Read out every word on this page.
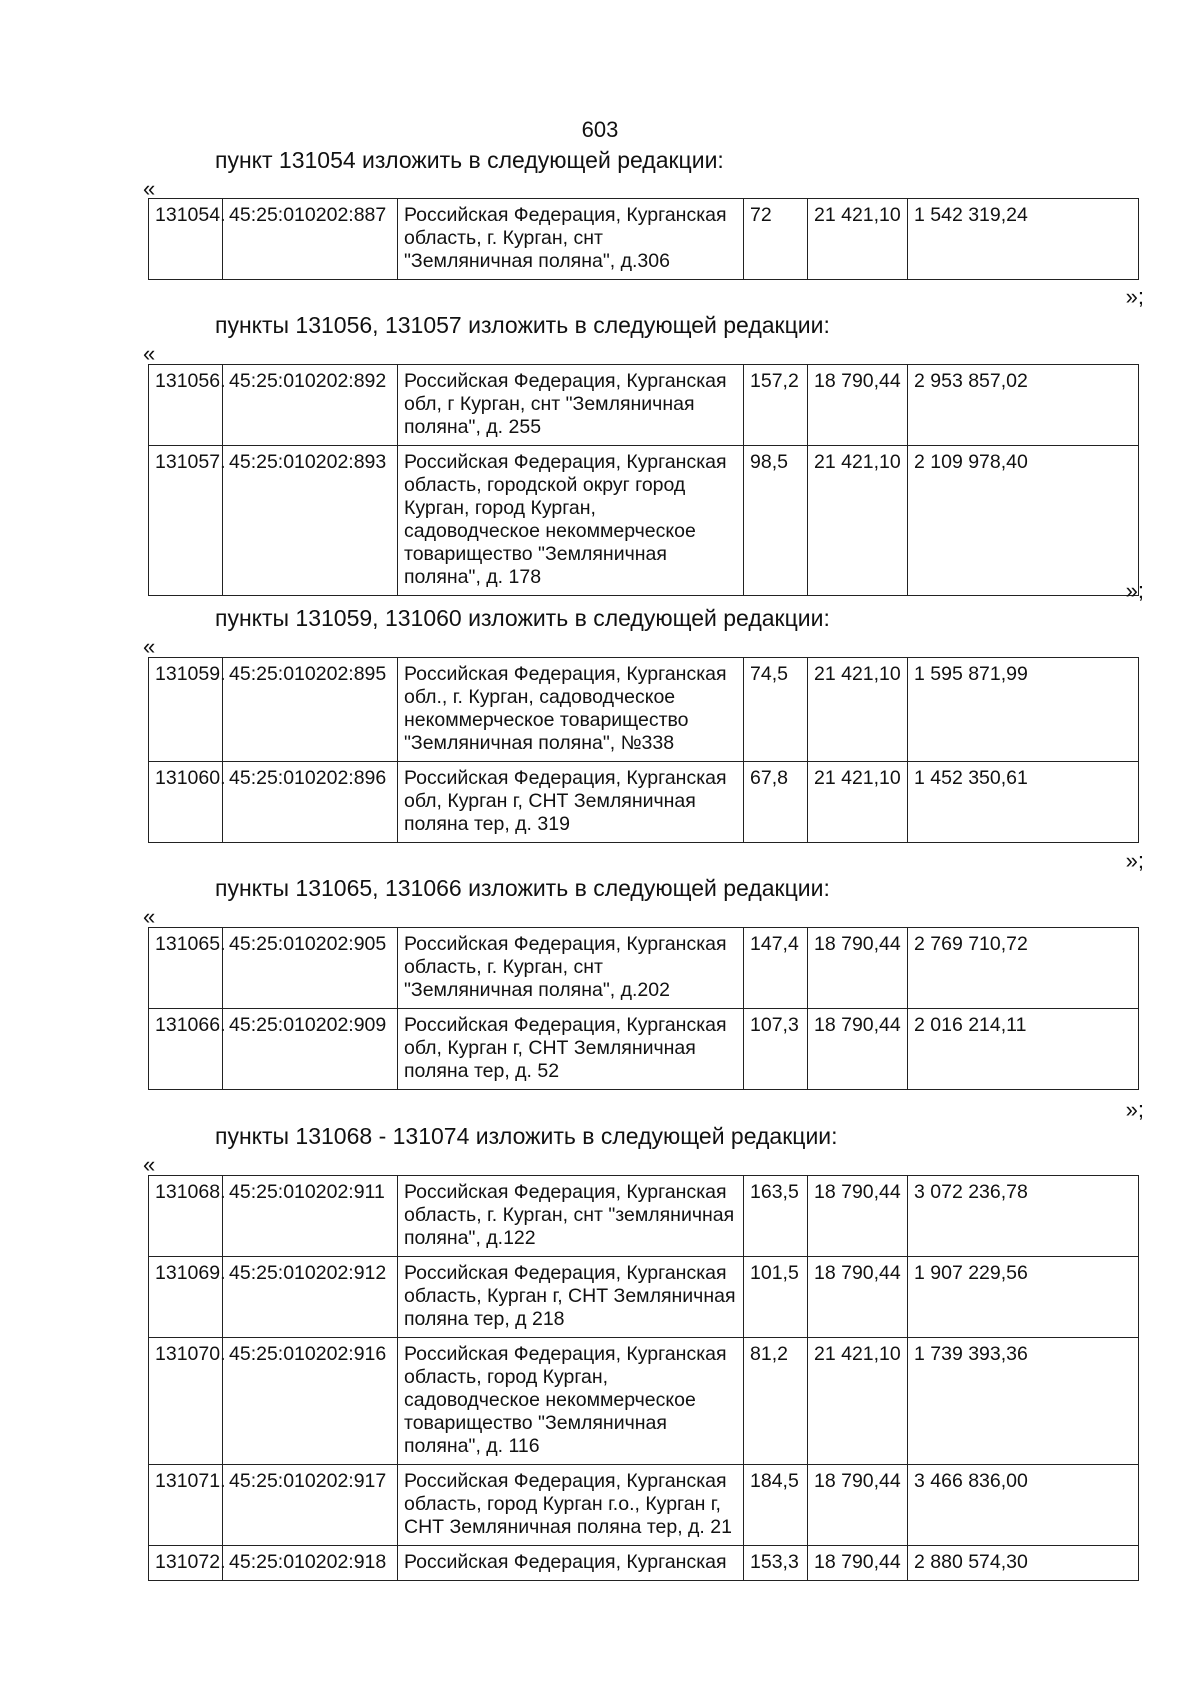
603
пункт 131054 изложить в следующей редакции:
«
131054.	45:25:010202:887	Российская Федерация, Курганская область, г. Курган, снт "Земляничная поляна", д.306	72	21 421,10	1 542 319,24
»;
пункты 131056, 131057 изложить в следующей редакции:
«
131056.	45:25:010202:892	Российская Федерация, Курганская обл, г Курган, снт "Земляничная поляна", д. 255	157,2	18 790,44	2 953 857,02
131057.	45:25:010202:893	Российская Федерация, Курганская область, городской округ город Курган, город Курган, садоводческое некоммерческое товарищество "Земляничная поляна", д. 178	98,5	21 421,10	2 109 978,40
»;
пункты 131059, 131060 изложить в следующей редакции:
«
131059.	45:25:010202:895	Российская Федерация, Курганская обл., г. Курган, садоводческое некоммерческое товарищество "Земляничная поляна", №338	74,5	21 421,10	1 595 871,99
131060.	45:25:010202:896	Российская Федерация, Курганская обл, Курган г, СНТ Земляничная поляна тер, д. 319	67,8	21 421,10	1 452 350,61
»;
пункты 131065, 131066 изложить в следующей редакции:
«
131065.	45:25:010202:905	Российская Федерация, Курганская область, г. Курган, снт "Земляничная поляна", д.202	147,4	18 790,44	2 769 710,72
131066.	45:25:010202:909	Российская Федерация, Курганская обл, Курган г, СНТ Земляничная поляна тер, д. 52	107,3	18 790,44	2 016 214,11
»;
пункты 131068 - 131074 изложить в следующей редакции:
«
131068.	45:25:010202:911	Российская Федерация, Курганская область, г. Курган, снт "земляничная поляна", д.122	163,5	18 790,44	3 072 236,78
131069.	45:25:010202:912	Российская Федерация, Курганская область, Курган г, СНТ Земляничная поляна тер, д 218	101,5	18 790,44	1 907 229,56
131070.	45:25:010202:916	Российская Федерация, Курганская область, город Курган, садоводческое некоммерческое товарищество "Земляничная поляна", д. 116	81,2	21 421,10	1 739 393,36
131071.	45:25:010202:917	Российская Федерация, Курганская область, город Курган г.о., Курган г, СНТ Земляничная поляна тер, д. 21	184,5	18 790,44	3 466 836,00
131072.	45:25:010202:918	Российская Федерация, Курганская	153,3	18 790,44	2 880 574,30
